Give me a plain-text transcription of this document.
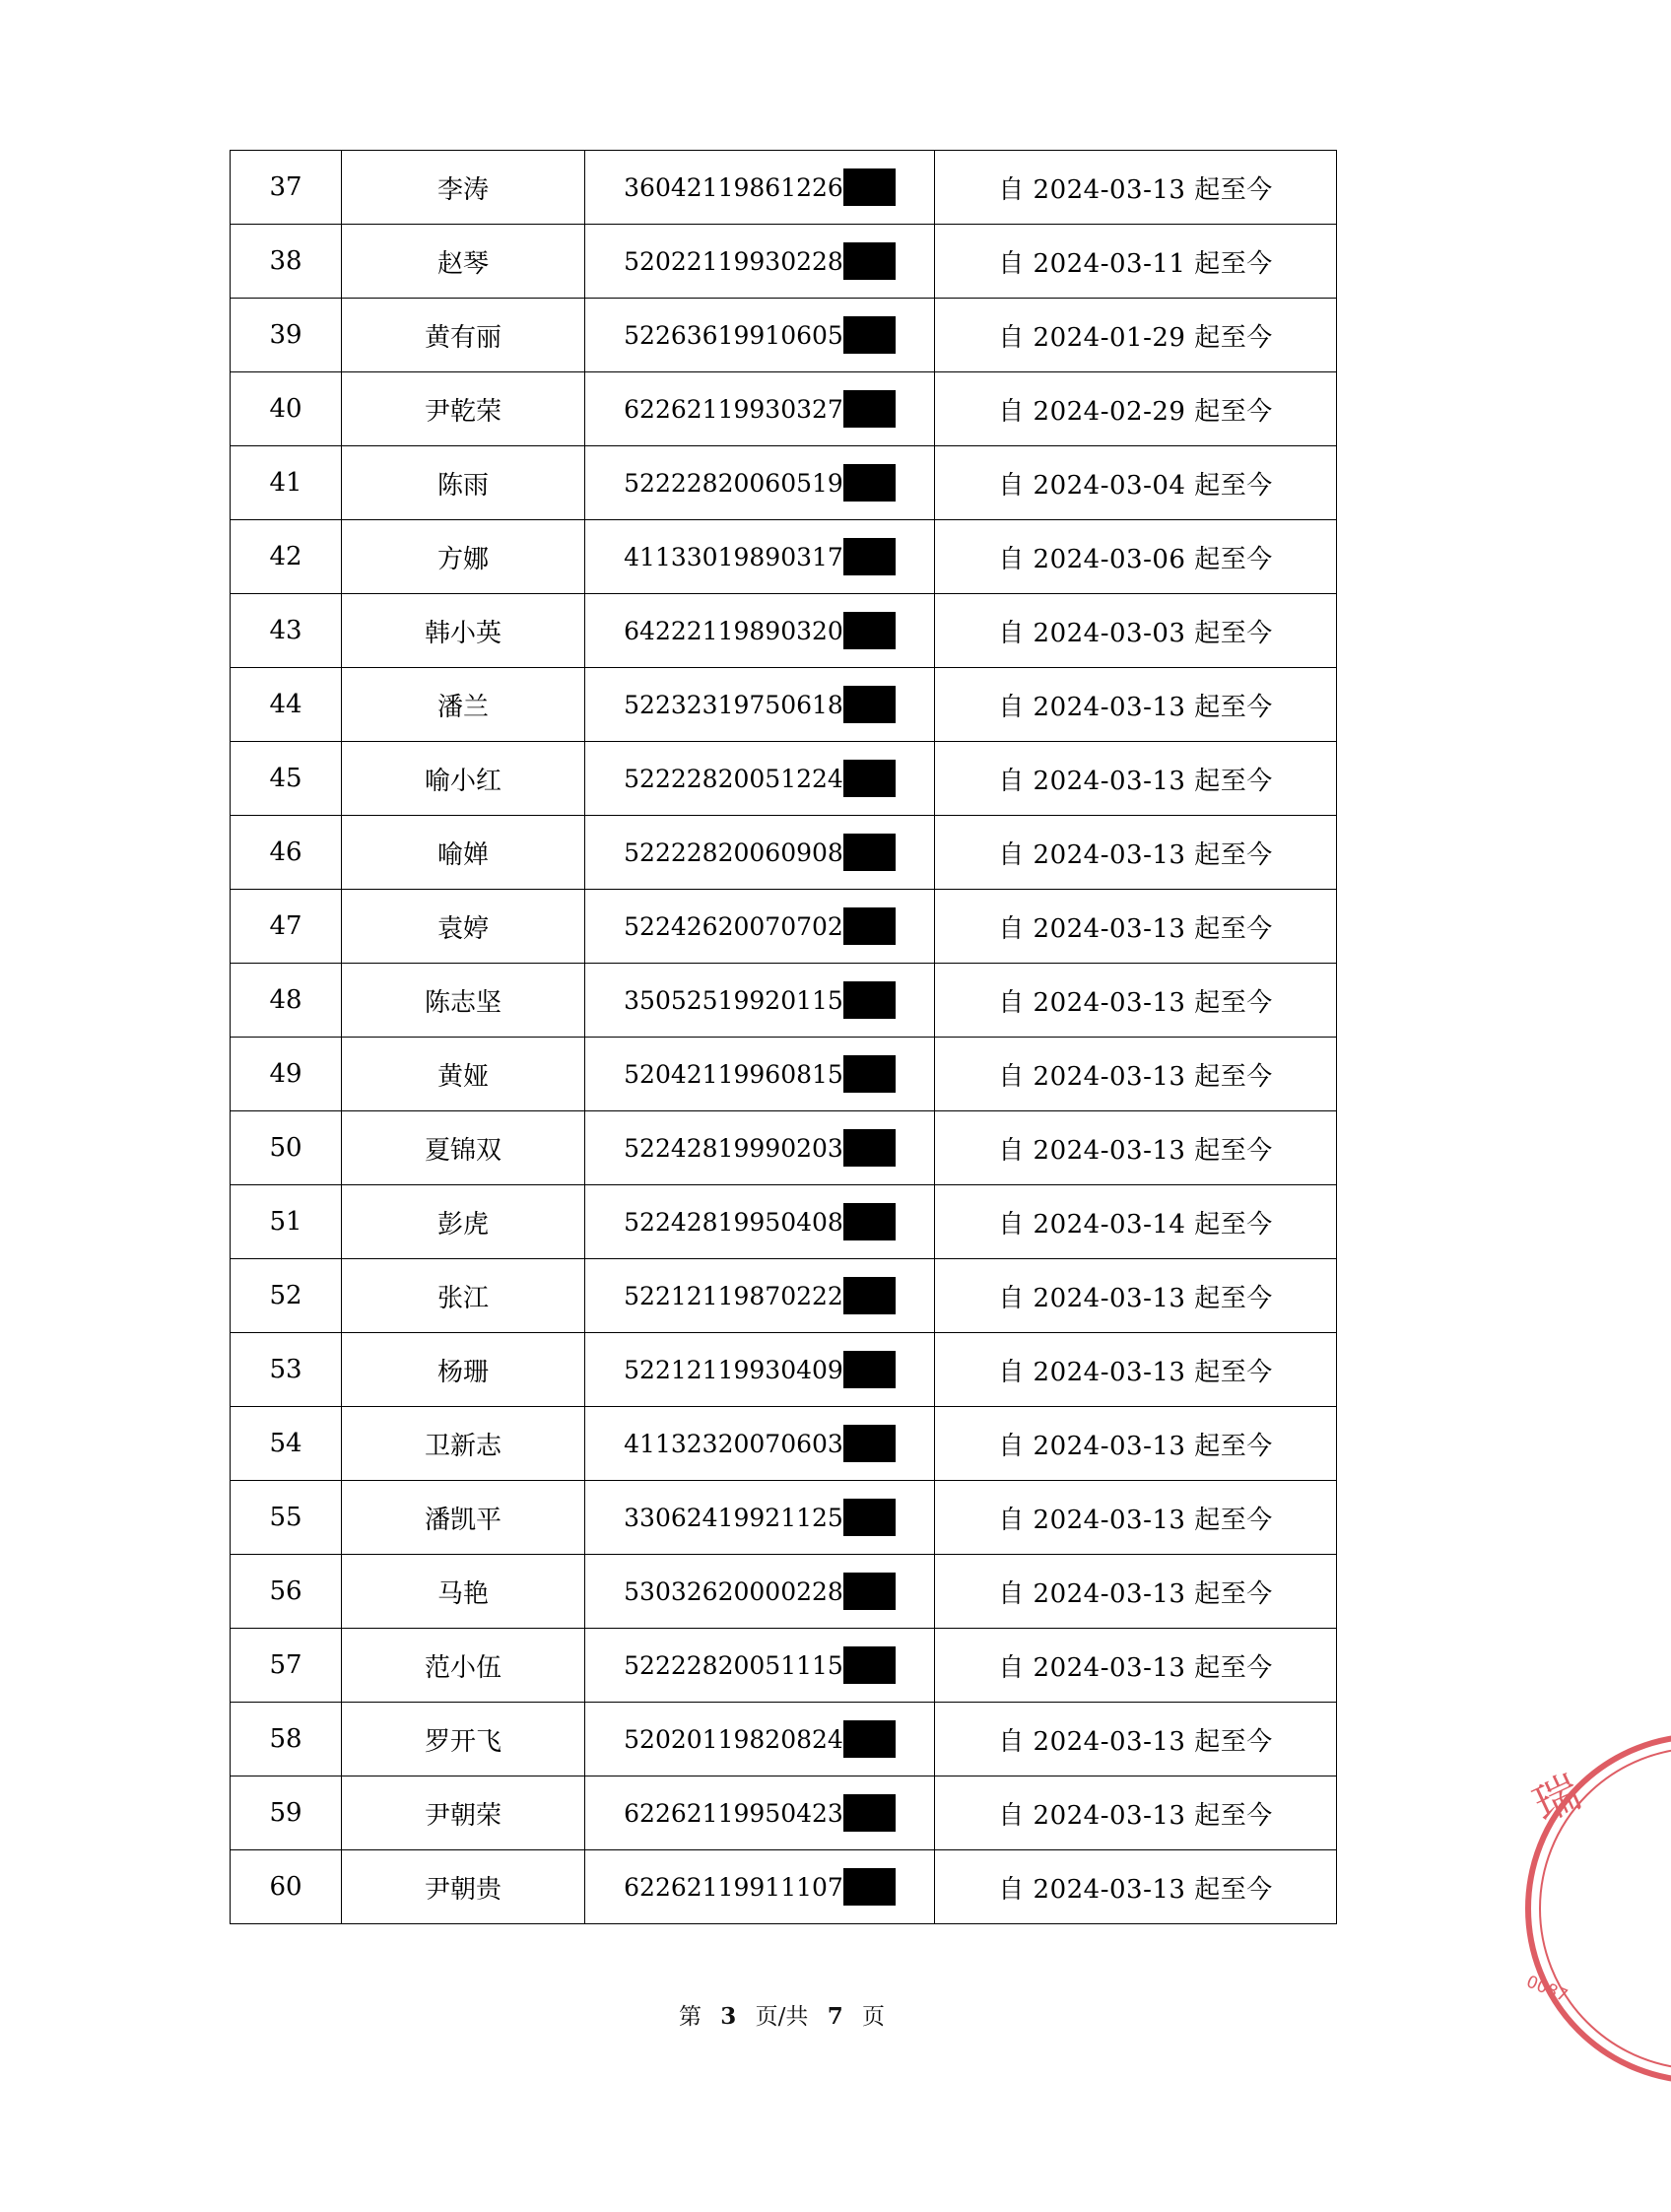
37	李涛	36042119861226	自 2024-03-13 起至今
38	赵琴	52022119930228	自 2024-03-11 起至今
39	黄有丽	52263619910605	自 2024-01-29 起至今
40	尹乾荣	62262119930327	自 2024-02-29 起至今
41	陈雨	52222820060519	自 2024-03-04 起至今
42	方娜	41133019890317	自 2024-03-06 起至今
43	韩小英	64222119890320	自 2024-03-03 起至今
44	潘兰	52232319750618	自 2024-03-13 起至今
45	喻小红	52222820051224	自 2024-03-13 起至今
46	喻婵	52222820060908	自 2024-03-13 起至今
47	袁婷	52242620070702	自 2024-03-13 起至今
48	陈志坚	35052519920115	自 2024-03-13 起至今
49	黄娅	52042119960815	自 2024-03-13 起至今
50	夏锦双	52242819990203	自 2024-03-13 起至今
51	彭虎	52242819950408	自 2024-03-14 起至今
52	张江	52212119870222	自 2024-03-13 起至今
53	杨珊	52212119930409	自 2024-03-13 起至今
54	卫新志	41132320070603	自 2024-03-13 起至今
55	潘凯平	33062419921125	自 2024-03-13 起至今
56	马艳	53032620000228	自 2024-03-13 起至今
57	范小伍	52222820051115	自 2024-03-13 起至今
58	罗开飞	52020119820824	自 2024-03-13 起至今
59	尹朝荣	62262119950423	自 2024-03-13 起至今
60	尹朝贵	62262119911107	自 2024-03-13 起至今
第 3 页/共 7 页
瑞
0087
